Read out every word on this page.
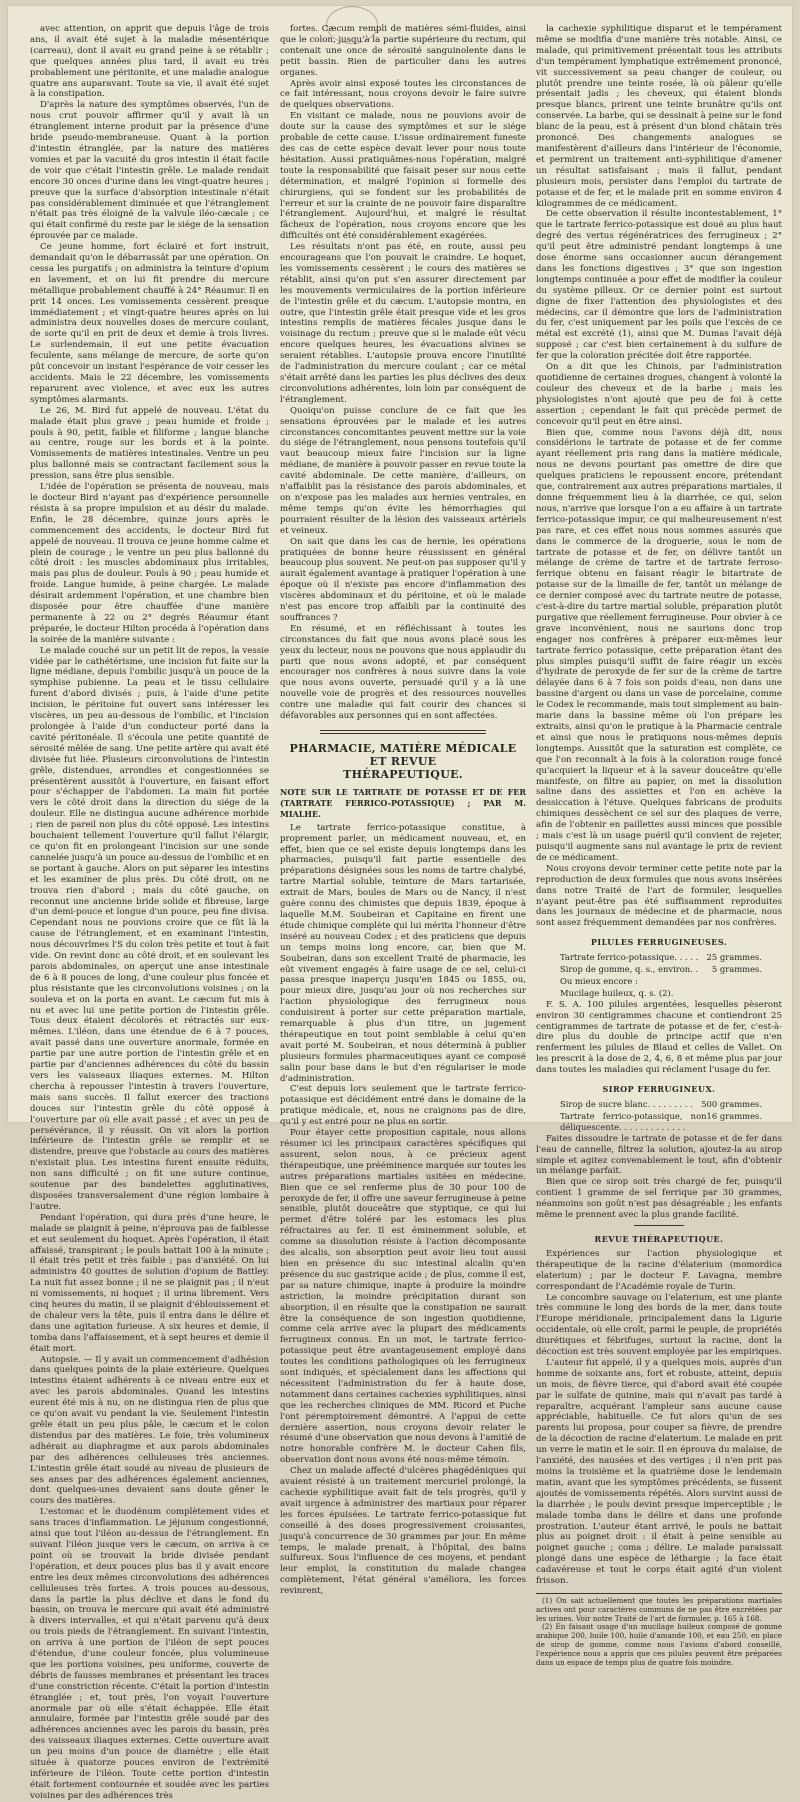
avec attention, on apprit que depuis l'âge de trois ans, il avait été sujet à la maladie mésentérique (carreau), dont il avait eu grand peine à se rétablir ; que quelques années plus tard, il avait eu très probablement une péritonite, et une maladie analogue quatre ans auparavant. Toute sa vie, il avait été sujet à la constipation.

D'après la nature des symptômes observés, l'un de nous crut pouvoir affirmer qu'il y avait là un étranglement interne produit par la présence d'une bride pseudo-membraneuse. Quant à la portion d'intestin étranglée, par la nature des matières vomies et par la vacuité du gros intestin il était facile de voir que c'était l'intestin grêle. Le malade rendait encore 30 onces d'urine dans les vingt-quatre heures ; preuve que la surface d'absorption intestinale n'était pas considérablement diminuée et que l'étranglement n'était pas très éloigné de la valvule iléo-cæcale ; ce qui était confirmé du reste par le siége de la sensation éprouvée par ce malade.

Ce jeune homme, fort éclairé et fort instruit, demandait qu'on le débarrassât par une opération. On cessa les purgatifs ; on administra la teinture d'opium en lavement, et on lui fit prendre du mercure métallique probablement chauffé à 24° Réaumur. Il en prit 14 onces. Les vomissements cessèrent presque immédiatement ; et vingt-quatre heures après on lui administra deux nouvelles doses de mercure coulant, de sorte qu'il en prit de deux et demie à trois livres. Le surlendemain, il eut une petite évacuation feculente, sans mélange de mercure, de sorte qu'on pût concevoir un instant l'espérance de voir cesser les accidents. Mais le 22 décembre, les vomissements reparurent avec violence, et avec eux les autres symptômes alarmants.

Le 26, M. Bird fut appelé de nouveau. L'état du malade était plus grave ; peau humide et froide ; pouls à 90, petit, faible et filiforme ; langue blanche au centre, rouge sur les bords et à la pointe. Vomissements de matières intestinales. Ventre un peu plus ballonné mais se contractant facilement sous la pression, sans être plus sensible.

L'idée de l'opération se présenta de nouveau, mais le docteur Bird n'ayant pas d'expérience personnelle résista à sa propre impulsion et au désir du malade. Enfin, le 28 décembre, quinze jours après le commencement des accidents, le docteur Bird fut appelé de nouveau. Il trouva ce jeune homme calme et plein de courage ; le ventre un peu plus ballonné du côté droit : les muscles abdominaux plus irritables, mais pas plus de douleur. Pouls à 90 ; peau humide et froide. Langue humide, à peine chargée. Le malade désirait ardemment l'opération, et une chambre bien disposée pour être chauffée d'une manière permanente à 22 ou 2° degrés Réaumur étant préparée, le docteur Hilton procéda à l'opération dans la soirée de la manière suivante :

Le malade couché sur un petit lit de repos, la vessie vidée par le cathétérisme, une incision fut faite sur la ligne médiane, depuis l'ombilic jusqu'à un pouce de la symphise pubienne. La peau et le tissu cellulaire furent d'abord divisés ; puis, à l'aide d'une petite incision, le péritoine fut ouvert sans intéresser les viscères, un peu au-dessous de l'ombilic, et l'incision prolongée à l'aide d'un conducteur porté dans la cavité péritonéale. Il s'écoula une petite quantité de sérosité mêlée de sang. Une petite artère qui avait été divisée fut liée. Plusieurs circonvolutions de l'intestin grêle, distendues, arrondies et congestionnées se présentèrent aussitôt à l'ouverture, en faisant effort pour s'échapper de l'abdomen. La main fut portée vers le côté droit dans la direction du siége de la douleur. Elle ne distingua aucune adhérence morbide ; rien de pareil non plus du côté opposé. Les intestins bouchaient tellement l'ouverture qu'il fallut l'élargir, ce qu'on fit en prolongeant l'incision sur une sonde cannelée jusqu'à un pouce au-dessus de l'ombilic et en se portant à gauche. Alors on put séparer les intestins et les examiner de plus près. Du côté droit, on ne trouva rien d'abord ; mais du côté gauche, on reconnut une ancienne bride solide et fibreuse, large d'un demi-pouce et longue d'un pouce, peu fine divisa. Cependant nous ne pouvions croire que ce fût là la cause de l'étranglement, et en examinant l'intestin, nous découvrîmes l'S du colon très petite et tout à fait vide. On revint donc au côté droit, et en soulevant les parois abdominales, on aperçut une anse intestinale de 6 à 8 pouces de long, d'une couleur plus foncée et plus résistante que les circonvolutions voisines ; on la souleva et on la porta en avant. Le cæcum fut mis à nu et avec lui une petite portion de l'intestin grêle. Tous deux étaient décolorés et rétractés sur eux-mêmes. L'iléon, dans une étendue de 6 à 7 pouces, avait passé dans une ouverture anormale, formée en partie par une autre portion de l'intestin grêle et en partie par d'anciennes adhérences du côté du bassin vers les vaisseaux iliaques externes. M. Hilton chercha à repousser l'intestin à travers l'ouverture, mais sans succès. Il fallut exercer des tractions douces sur l'intestin grêle du côté opposé à l'ouverture par où elle avait passé ; et avec un peu de persévérance, il y réussit. On vit alors la portion inférieure de l'intestin grêle se remplir et se distendre, preuve que l'obstacle au cours des matières n'existait plus. Les intestins furent ensuite réduits, non sans difficulté ; on fit une suture continue, soutenue par des bandelettes agglutinatives, disposées transversalement d'une région lombaire à l'autre.

Pendant l'opération, qui dura près d'une heure, le malade se plaignit à peine, n'éprouva pas de faiblesse et eut seulement du hoquet. Après l'opération, il était affaissé, transpirant ; le pouls battait 100 à la minute ; il était très petit et très faible ; pas d'anxiété. On lui administra 40 gouttes de solution d'opium de Battley. La nuit fut assez bonne ; il ne se plaignit pas ; il n'eut ni vomissements, ni hoquet ; il urina librement. Vers cinq heures du matin, il se plaignit d'éblouissement et de chaleur vers la tête, puis il entra dans le délire et dans une agitation furieuse. A six heures et demie, il tomba dans l'affaissement, et à sept heures et demie il était mort.

Autopsie. — Il y avait un commencement d'adhésion dans quelques points de la plaie extérieure. Quelques intestins étaient adhérents à ce niveau entre eux et avec les parois abdominales. Quand les intestins eurent été mis à nu, on ne distingua rien de plus que ce qu'on avait vu pendant la vie. Seulement l'intestin grêle était un peu plus pâle, le cæcum et le colon distendus par des matières. Le foie, très volumineux adhérait au diaphragme et aux parois abdominales par des adhérences celluleuses très anciennes. L'intestin grêle était soudé au niveau de plusieurs de ses anses par des adhérences également anciennes, dont quelques-unes devaient sans doute gêner le cours des matières.

L'estomac et le duodénum complètement vides et sans traces d'inflammation. Le jéjunum congestionné, ainsi que tout l'iléon au-dessus de l'étranglement. En suivant l'iléon jusque vers le cæcum, on arriva à ce point où se trouvait la bride divisée pendant l'opération, et deux pouces plus bas il y avait encore entre les deux mêmes circonvolutions des adhérences celluleuses très fortes. A trois pouces au-dessous, dans la partie la plus déclive et dans le fond du bassin, on trouva le mercure qui avait été administré à divers intervalles, et qui n'était parvenu qu'à deux ou trois pieds de l'étranglement. En suivant l'intestin, on arriva à une portion de l'iléon de sept pouces d'étendue, d'une couleur foncée, plus volumineuse que les portions voisines, peu uniforme, couverte de débris de fausses membranes et présentant les traces d'une constriction récente. C'était la portion d'intestin étranglée ; et, tout près, l'on voyait l'ouverture anormale par où elle s'était échappée. Elle était annulaire, formée par l'intestin grêle soudé par des adhérences anciennes avec les parois du bassin, près des vaisseaux iliaques externes. Cette ouverture avait un peu moins d'un pouce de diamètre ; elle était située à quatorze pouces environ de l'extrémité inférieure de l'iléon. Toute cette portion d'intestin était fortement contournée et soudée avec les parties voisines par des adhérences très

fortes. Cæcum rempli de matières sémi-fluides, ainsi que le colon, jusqu'à la partie supérieure du rectum, qui contenait une once de sérosité sanguinolente dans le petit bassin. Rien de particulier dans les autres organes.

Après avoir ainsi exposé toutes les circonstances de ce fait intéressant, nous croyons devoir le faire suivre de quelques observations.

En visitant ce malade, nous ne pouvions avoir de doute sur la cause des symptômes et sur le siége probable de cette cause. L'issue ordinairement funeste des cas de cette espèce devait lever pour nous toute hésitation. Aussi pratiquâmes-nous l'opération, malgré toute la responsabilité que faisait peser sur nous cette détermination, et malgré l'opinion si formelle des chirurgiens, qui se fondent sur les probabilités de l'erreur et sur la crainte de ne pouvoir faire disparaître l'étranglement. Aujourd'hui, et malgré le résultat fâcheux de l'opération, nous croyons encore que les difficultés ont été considérablement exagérées.

Les résultats n'ont pas été, en route, aussi peu encourageans que l'on pouvait le craindre. Le hoquet, les vomissements cessèrent ; le cours des matières se rétablit, ainsi qu'on put s'en assurer directement par les mouvements vermiculaires de la portion inférieure de l'intestin grêle et du cæcum. L'autopsie montra, en outre, que l'intestin grêle était presque vide et les gros intestins remplis de matières fécales jusque dans le voisinage du rectum ; preuve que si le malade eût vécu encore quelques heures, les évacuations alvines se seraient rétablies. L'autopsie prouva encore l'inutilité de l'administration du mercure coulant ; car ce métal s'était arrêté dans les parties les plus déclives des deux circonvolutions adhérentes, loin loin par conséquent de l'étranglement.

Quoiqu'on puisse conclure de ce fait que les sensations éprouvées par le malade et les autres circonstances concomitantes peuvent mettre sur la voie du siége de l'étranglement, nous pensons toutefois qu'il vaut beaucoup mieux faire l'incision sur la ligne médiane, de manière à pouvoir passer en revue toute la cavité abdominale. De cette manière, d'ailleurs, on n'affaiblit pas la résistance des parois abdominales, et on n'expose pas les malades aux hernies ventrales, en même temps qu'on évite les hémorrhagies qui pourraient résulter de la lésion des vaisseaux artériels et veineux.

On sait que dans les cas de hernie, les opérations pratiquées de bonne heure réussissent en général beaucoup plus souvent. Ne peut-on pas supposer qu'il y aurait également avantage à pratiquer l'opération à une époque où il n'existe pas encore d'inflammation des viscères abdominaux et du péritoine, et où le malade n'est pas encore trop affaibli par la continuité des souffrances ?

En résumé, et en réfléchissant à toutes les circonstances du fait que nous avons placé sous les yeux du lecteur, nous ne pouvons que nous applaudir du parti que nous avons adopté, et par conséquent encourager nos confrères à nous suivre dans la voie que nous avons ouverte, persuadé qu'il y a là une nouvelle voie de progrès et des ressources nouvelles contre une maladie qui fait courir des chances si défavorables aux personnes qui en sont affectées.

PHARMACIE, MATIÈRE MÉDICALE ET REVUE
THÉRAPEUTIQUE.
NOTE SUR LE TARTRATE DE POTASSE ET DE FER (TARTRATE FERRICO-POTASSIQUE) ; PAR M. MIALHE.

Le tartrate ferrico-potassique constitue, à proprement parler, un médicament nouveau, et, en effet, bien que ce sel existe depuis longtemps dans les pharmacies, puisqu'il fait partie essentielle des préparations désignées sous les noms de tartre chalybé, tartre Martial soluble, teinture de Mars tartarisée, extrait de Mars, boules de Mars ou de Nancy, il n'est guère connu des chimistes que depuis 1839, époque à laquelle M.M. Soubeiran et Capitaine en firent une étude chimique complète qui lui mérita l'honneur d'être inséré au nouveau Codex ; et des praticiens que depuis un temps moins long encore, car, bien que M. Soubeiran, dans son excellent Traité de pharmacie, les eût vivement engagés à faire usage de ce sel, celui-ci passa presque inaperçu jusqu'en 1845 ou 1855, ou, pour mieux dire, jusqu'au jour où nos recherches sur l'action physiologique des ferrugineux nous conduisirent à porter sur cette préparation martiale, remarquable à plus d'un titre, un jugement thérapeutique en tout point semblable à celui qu'en avait porté M. Soubeiran, et nous déterminà à publier plusieurs formules pharmaceutiques ayant ce composé salin pour base dans le but d'en régulariser le mode d'administration.

C'est depuis lors seulement que le tartrate ferrico-potassique est décidément entré dans le domaine de la pratique médicale, et, nous ne craignons pas de dire, qu'il y est entré pour ne plus en sortir.

Pour étayer cette proposition capitale, nous allons résumer ici les principaux caractères spécifiques qui assurent, selon nous, à ce précieux agent thérapeutique, une prééminence marquée sur toutes les autres préparations martiales usitées en médecine. Bien que ce sel renferme plus de 30 pour 100 de peroxyde de fer, il offre une saveur ferrugineuse à peine sensible, plutôt douceâtre que styptique, ce qui lui permet d'être toléré par les estomacs les plus réfractaires au fer. Il est éminemment soluble, et comme sa dissolution résiste à l'action décomposante des alcalis, son absorption peut avoir lieu tout aussi bien en présence du suc intestinal alcalin qu'en présence du suc gastrique acide ; de plus, comme il est, par sa nature chimique, inapte à produire la moindre astriction, la moindre précipitation durant son absorption, il en résulte que la constipation ne saurait être la conséquence de son ingestion quotidienne, comme cela arrive avec la plupart des médicaments ferrugineux connus. En un mot, le tartrate ferrico-potassique peut être avantageusement employé dans toutes les conditions pathologiques où les ferrugineux sont indiqués, et spécialement dans les affections qui nécessitent l'administration du fer à haute dose, notamment dans certaines cachexies syphilitiques, ainsi que les recherches cliniques de MM. Ricord et Puche l'ont péremptoirement démontré. A l'appui de cette dernière assertion, nous croyons devoir relater le résumé d'une observation que nous devons à l'amitié de notre honorable confrère M. le docteur Cahen fils, observation dont nous avons été nous-même témoin.

Chez un malade affecté d'ulcères phagédéniques qui avaient résisté à un traitement mercuriel prolongé, la cachexie syphilitique avait fait de tels progrès, qu'il y avait urgence à administrer des martiaux pour réparer les forces épuisées. Le tartrate ferrico-potassique fut conseillé à des doses progressivement croissantes, jusqu'à concurrence de 30 grammes par jour. En même temps, le malade prenait, à l'hôpital, des bains sulfureux. Sous l'influence de ces moyens, et pendant leur emploi, la constitution du malade changea complètement, l'état général s'améliora, les forces revinrent,

la cachexie syphilitique disparut et le tempérament même se modifia d'une manière très notable. Ainsi, ce malade, qui primitivement présentait tous les attributs d'un tempérament lymphatique extrêmement prononcé, vit successivement sa peau changer de couleur, ou plutôt prendre une teinte rosée, là où pâleur qu'elle présentait jadis ; les cheveux, qui étaient blonds presque blancs, prirent une teinte brunâtre qu'ils ont conservée. La barbe, qui se dessinait à peine sur le fond blanc de la peau, est à présent d'un blond châtain très prononcé. Des changements analogues se manifestèrent d'ailleurs dans l'intérieur de l'économie, et permirent un traitement anti-syphilitique d'amener un résultat satisfaisant ; mais il fallut, pendant plusieurs mois, persister dans l'emploi du tartrate de potasse et de fer, et le malade prit en somme environ 4 kilogrammes de ce médicament.

De cette observation il résulte incontestablement, 1° que le tartrate ferrico-potassique est doué au plus haut degré des vertus régénératrices des ferrugineux ; 2° qu'il peut être administré pendant longtemps à une dose énorme sans occasionner aucun dérangement dans les fonctions digestives ; 3° que son ingestion longtemps continuée a pour effet de modifier la couleur du système pilleux. Or ce dernier point est surtout digne de fixer l'attention des physiologistes et des médecins, car il démontre que lors de l'administration du fer, c'est uniquement par les poils que l'excès de ce métal est excrété (1), ainsi que M. Dumas l'avait déjà supposé ; car c'est bien certainement à du sulfure de fer que la coloration précitée doit être rapportée.

On a dit que les Chinois, par l'administration quotidienne de certaines drogues, changent à volonté la couleur des cheveux et de la barbe ; mais les physiologistes n'ont ajouté que peu de foi à cette assertion ; cependant le fait qui précède permet de concevoir qu'il peut en être ainsi.

Bien que, comme nous l'avons déjà dit, nous considérions le tartrate de potasse et de fer comme ayant réellement pris rang dans la matière médicale, nous ne devons pourtant pas omettre de dire que quelques praticiens le repoussent encore, prétendant que, contrairement aux autres préparations martiales, il donne fréquemment lieu à la diarrhée, ce qui, selon nous, n'arrive que lorsque l'on a eu affaire à un tartrate ferrico-potassique impur, ce qui malheureusement n'est pas rare, et ces effet nous nous sommes assurés que dans le commerce de la droguerie, sous le nom de tartrate de potasse et de fer, on délivre tantôt un mélange de crème de tartre et de tartrate ferroso-ferrique obtenu en faisant réagir le bitartrate de potasse sur de la limaille de fer, tantôt un mélange de ce dernier composé avec du tartrate neutre de potasse, c'est-à-dire du tartre martial soluble, préparation plutôt purgative que réellement ferrugineuse. Pour obvier à ce grave inconvénient, nous ne saurions donc trop engager nos confrères à préparer eux-mêmes leur tartrate ferrico potassique, cette préparation étant des plus simples puisqu'il suffit de faire réagir un excès d'hydrate de peroxyde de fer sur de la crème de tartre délayée dans 6 à 7 fois son poids d'eau, non dans une bassine d'argent ou dans un vase de porcelaine, comme le Codex le recommande, mais tout simplement au bain-marie dans la bassine même où l'on prépare les extraits, ainsi qu'on le pratique à la Pharmacie centrale et ainsi que nous le pratiquons nous-mêmes depuis longtemps. Aussitôt que la saturation est complète, ce que l'on reconnaît à la fois à la coloration rouge foncé qu'acquiert la liqueur et à la saveur douceâtre qu'elle manifeste, on filtre au papier, on met la dissolution saline dans des assiettes et l'on en achève la dessiccation à l'étuve. Quelques fabricans de produits chimiques dessèchent ce sel sur des plaques de verre, afin de l'obtenir en paillettes aussi minces que possible ; mais c'est là un usage puéril qu'il convient de rejeter, puisqu'il augmente sans nul avantage le prix de revient de ce médicament.

Nous croyons devoir terminer cette petite note par la reproduction de deux formules que nous avons insérées dans notre Traité de l'art de formuler, lesquelles n'ayant peut-être pas été suffisamment reproduites dans les journaux de médecine et de pharmacie, nous sont assez fréquemment demandées par nos confrères.

PILULES FERRUGINEUSES.
25 grammes.
Tartrate ferrico-potassique. . . . .
5 grammes.
Sirop de gomme, q. s., environ. .
Ou mieux encore :
Mucilage huileux, q. s. (2).

F. S. A. 100 pilules argentées, lesquelles pèseront environ 30 centigrammes chacune et contiendront 25 centigrammes de tartrate de potasse et de fer, c'est-à-dire plus du double de principe actif que n'en renferment les pilules de Blaud et celles de Vallet. On les prescrit à la dose de 2, 4, 6, 8 et même plus par jour dans toutes les maladies qui réclament l'usage du fer.

SIROP FERRUGINEUX.
500 grammes.
Sirop de sucre blanc. . . . . . . . .
16 grammes.
Tartrate ferrico-potassique, non déliquescente. . . . . . . . . . . . .

Faites dissoudre le tartrate de potasse et de fer dans l'eau de cannelle, filtrez la solution, ajoutez-la au sirop simple et agitez convenablement le tout, afin d'obtenir un mélange parfait.

Bien que ce sirop soit très chargé de fer, puisqu'il contient 1 gramme de sel ferrique par 30 grammes, néanmoins son goût n'est pas désagréable ; les enfants même le prennent avec la plus grande facilité.

REVUE THÉRAPEUTIQUE.

Expériences sur l'action physiologique et thérapeutique de la racine d'élaterium (momordica elaterium) ; par le docteur F. Lavagna, membre correspondant de l'Académie royale de Turin.

Le concombre sauvage ou l'elaterium, est une plante très commune le long des bords de la mer, dans toute l'Europe méridionale, principalement dans la Ligurie occidentale, où elle croît, parmi le peuple, de propriétés diurétiques et fébrifuges, surtout la racine, dont la décoction est très souvent employée par les empiriques.

L'auteur fut appelé, il y a quelques mois, auprès d'un homme de soixante ans, fort et robuste, atteint, depuis un mois, de fièvre tierce, qui d'abord avait été coupée par le sulfate de quinine, mais qui n'avait pas tardé à reparaître, acquérant l'ampleur sans aucune cause appréciable, habituelle. Ce fut alors qu'un de ses parents lui proposa, pour couper sa fièvre, de prendre de la décoction de racine d'elaterium. Le malade en prit un verre le matin et le soir. Il en éprouva du malaise, de l'anxiété, des nausées et des vertiges ; il n'en prit pas moins la troisième et la quatrième dose le lendemain matin, avant que les symptômes précédents, se fussent ajoutés de vomissements répétés. Alors survint aussi de la diarrhée ; le pouls devint presque imperceptible ; le malade tomba dans le délire et dans une profonde prostration. L'auteur étant arrivé, le pouls ne battait plus au poignet droit : il était à peine sensible au poignet gauche ; coma ; délire. Le malade paraissait plongé dans une espèce de léthargie ; la face était cadavéreuse et tout le corps était agité d'un violent frisson.

(1) On sait actuellement que toutes les préparations martiales actives ont pour caractères communs de ne pas être excrétées par les urines. Voir notre Traité de l'art de formuler, p. 165 à 168.

(2) En faisant usage d'un mucilage huileux composé de gomme arabique 200, huile 100, huile d'amande 100, et eau 250, en place de sirop de gomme, comme nous l'avions d'abord conseillé, l'expérience nous a appris que ces pilules peuvent être préparées dans un espace de temps plus de quatre fois moindre.
